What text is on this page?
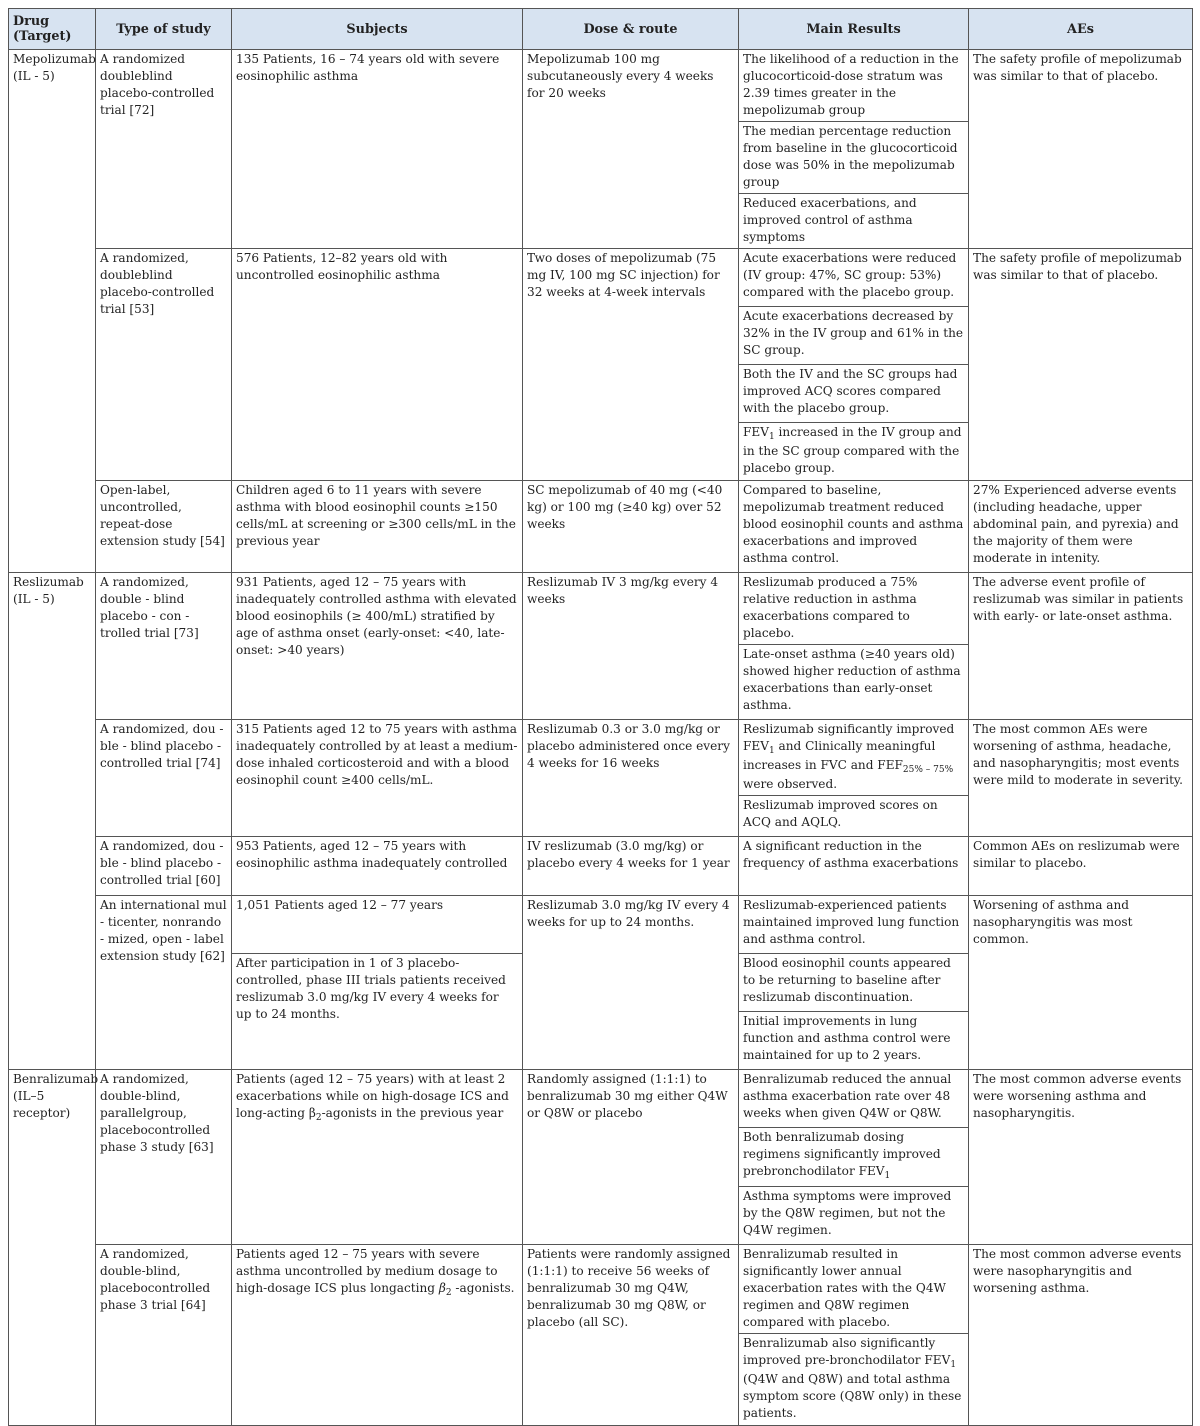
Drug (Target)	Type of study	Subjects	Dose & route	Main Results	AEs
Mepolizumab (IL - 5)	A randomized doubleblind placebo-controlled trial [72]	135 Patients, 16 – 74 years old with severe eosinophilic asthma	Mepolizumab 100 mg subcutaneously every 4 weeks for 20 weeks	The likelihood of a reduction in the glucocorticoid-dose stratum was 2.39 times greater in the mepolizumab group	The safety profile of mepolizumab was similar to that of placebo.
				The median percentage reduction from baseline in the glucocorticoid dose was 50% in the mepolizumab group	
				Reduced exacerbations, and improved control of asthma symptoms	
	A randomized, doubleblind placebo-controlled trial [53]	576 Patients, 12–82 years old with uncontrolled eosinophilic asthma	Two doses of mepolizumab (75 mg IV, 100 mg SC injection) for 32 weeks at 4-week intervals	Acute exacerbations were reduced (IV group: 47%, SC group: 53%) compared with the placebo group.	The safety profile of mepolizumab was similar to that of placebo.
				Acute exacerbations decreased by 32% in the IV group and 61% in the SC group.	
				Both the IV and the SC groups had improved ACQ scores compared with the placebo group.	
				$FEV_1$ increased in the IV group and in the SC group compared with the placebo group.	
	Open-label, uncontrolled, repeat-dose extension study [54]	Children aged 6 to 11 years with severe asthma with blood eosinophil counts ≥150 cells/mL at screening or ≥300 cells/mL in the previous year	SC mepolizumab of 40 mg (<40 kg) or 100 mg (≥40 kg) over 52 weeks	Compared to baseline, mepolizumab treatment reduced blood eosinophil counts and asthma exacerbations and improved asthma control.	27% Experienced adverse events (including headache, upper abdominal pain, and pyrexia) and the majority of them were moderate in intenity.
Reslizumab (IL - 5)	A randomized, double - blind placebo - con - trolled trial [73]	931 Patients, aged 12 – 75 years with inadequately controlled asthma with elevated blood eosinophils (≥ 400/mL) stratified by age of asthma onset (early-onset: <40, late-onset: >40 years)	Reslizumab IV 3 mg/kg every 4 weeks	Reslizumab produced a 75% relative reduction in asthma exacerbations compared to placebo.	The adverse event profile of reslizumab was similar in patients with early- or late-onset asthma.
				Late-onset asthma (≥40 years old) showed higher reduction of asthma exacerbations than early-onset asthma.	
	A randomized, dou - ble - blind placebo - controlled trial [74]	315 Patients aged 12 to 75 years with asthma inadequately controlled by at least a medium-dose inhaled corticosteroid and with a blood eosinophil count ≥400 cells/mL.	Reslizumab 0.3 or 3.0 mg/kg or placebo administered once every 4 weeks for 16 weeks	Reslizumab significantly improved $FEV_1$ and Clinically meaningful increases in FVC and $FEF_{25\% - 75\%}$ were observed.	The most common AEs were worsening of asthma, headache, and nasopharyngitis; most events were mild to moderate in severity.
				Reslizumab improved scores on ACQ and AQLQ.	
	A randomized, dou - ble - blind placebo - controlled trial [60]	953 Patients, aged 12 – 75 years with eosinophilic asthma inadequately controlled	IV reslizumab (3.0 mg/kg) or placebo every 4 weeks for 1 year	A significant reduction in the frequency of asthma exacerbations	Common AEs on reslizumab were similar to placebo.
	An international mul - ticenter, nonrando - mized, open - label extension study [62]	1,051 Patients aged 12 – 77 years	Reslizumab 3.0 mg/kg IV every 4 weeks for up to 24 months.	Reslizumab-experienced patients maintained improved lung function and asthma control.	Worsening of asthma and nasopharyngitis was most common.
		After participation in 1 of 3 placebo-controlled, phase III trials patients received reslizumab 3.0 mg/kg IV every 4 weeks for up to 24 months.		Blood eosinophil counts appeared to be returning to baseline after reslizumab discontinuation.	
				Initial improvements in lung function and asthma control were maintained for up to 2 years.	

Benralizumab (IL–5 receptor)	A randomized, double-blind, parallelgroup, placebocontrolled phase 3 study [63]	Patients (aged 12 – 75 years) with at least 2 exacerbations while on high-dosage ICS and long-acting $\beta_2$-agonists in the previous year	Randomly assigned (1:1:1) to benralizumab 30 mg either Q4W or Q8W or placebo	Benralizumab reduced the annual asthma exacerbation rate over 48 weeks when given Q4W or Q8W.	The most common adverse events were worsening asthma and nasopharyngitis.
				Both benralizumab dosing regimens significantly improved prebronchodilator $FEV_1$
				Asthma symptoms were improved by the Q8W regimen, but not the Q4W regimen.	
	A randomized, double-blind, placebocontrolled phase 3 trial [64]	Patients aged 12 – 75 years with severe asthma uncontrolled by medium dosage to high-dosage ICS plus longacting $\beta_2$ -agonists.	Patients were randomly assigned (1:1:1) to receive 56 weeks of benralizumab 30 mg Q4W, benralizumab 30 mg Q8W, or placebo (all SC).	Benralizumab resulted in significantly lower annual exacerbation rates with the Q4W regimen and Q8W regimen compared with placebo.	The most common adverse events were nasopharyngitis and worsening asthma.
				Benralizumab also significantly improved pre-bronchodilator $FEV_1$ (Q4W and Q8W) and total asthma symptom score (Q8W only) in these patients.	
